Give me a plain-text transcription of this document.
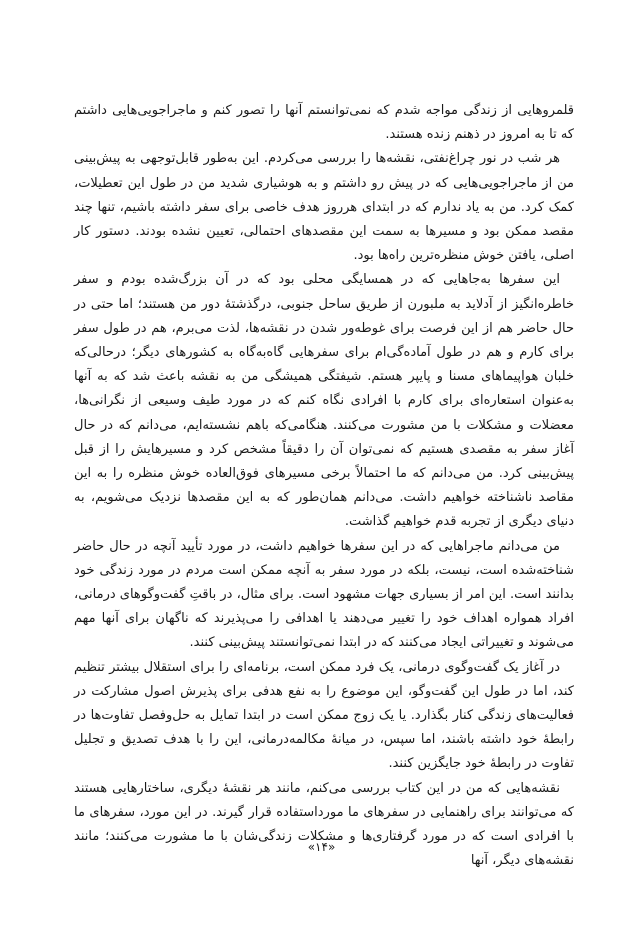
قلمروهایی از زندگی مواجه شدم که نمی‌توانستم آنها را تصور کنم و ماجراجویی‌هایی داشتم که تا به امروز در ذهنم زنده هستند.

هر شب در نور چراغ‌نفتی، نقشه‌ها را بررسی می‌کردم. این به‌طور قابل‌توجهی به پیش‌بینی من از ماجراجویی‌هایی که در پیش رو داشتم و به هوشیاری شدید من در طول این تعطیلات، کمک کرد. من به یاد ندارم که در ابتدای هرروز هدف خاصی برای سفر داشته باشیم، تنها چند مقصد ممکن بود و مسیرها به سمت این مقصدهای احتمالی، تعیین نشده بودند. دستور کار اصلی، یافتن خوش منظره‌ترین راه‌ها بود.

این سفرها به‌جاهایی که در همسایگی محلی بود که در آن بزرگ‌شده بودم و سفر خاطره‌انگیز از آدلاید به ملبورن از طریق ساحل جنوبی، درگذشتهٔ دور من هستند؛ اما حتی در حال حاضر هم از این فرصت برای غوطه‌ور شدن در نقشه‌ها، لذت می‌برم، هم در طول سفر برای کارم و هم در طول آماده‌گی‌ام برای سفرهایی گاه‌به‌گاه به کشورهای دیگر؛ درحالی‌که خلبان هواپیماهای مسنا و پایپر هستم. شیفتگی همیشگی من به نقشه باعث شد که به آنها به‌عنوان استعاره‌ای برای کارم با افرادی نگاه کنم که در مورد طیف وسیعی از نگرانی‌ها، معضلات و مشکلات با من مشورت می‌کنند. هنگامی‌که باهم نشسته‌ایم، می‌دانم که در حال آغاز سفر به مقصدی هستیم که نمی‌توان آن را دقیقاً مشخص کرد و مسیرهایش را از قبل پیش‌بینی کرد. من می‌دانم که ما احتمالاً برخی مسیرهای فوق‌العاده خوش منظره را به این مقاصد ناشناخته خواهیم داشت. می‌دانم همان‌طور که به این مقصدها نزدیک می‌شویم، به دنیای دیگری از تجربه قدم خواهیم گذاشت.

من می‌دانم ماجراهایی که در این سفرها خواهیم داشت، در مورد تأیید آنچه در حال حاضر شناخته‌شده است، نیست، بلکه در مورد سفر به آنچه ممکن است مردم در مورد زندگی خود بدانند است. این امر از بسیاری جهات مشهود است. برای مثال، در باقتِ گفت‌وگوهای درمانی، افراد همواره اهداف خود را تغییر می‌دهند یا اهدافی را می‌پذیرند که ناگهان برای آنها مهم می‌شوند و تغییراتی ایجاد می‌کنند که در ابتدا نمی‌توانستند پیش‌بینی کنند.

در آغاز یک گفت‌وگوی درمانی، یک فرد ممکن است، برنامه‌ای را برای استقلال بیشتر تنظیم کند، اما در طول این گفت‌وگو، این موضوع را به نفع هدفی برای پذیرش اصول مشارکت در فعالیت‌های زندگی کنار بگذارد. یا یک زوج ممکن است در ابتدا تمایل به حل‌وفصل تفاوت‌ها در رابطهٔ خود داشته باشند، اما سپس، در میانهٔ مکالمه‌درمانی، این را با هدف تصدیق و تجلیل تفاوت در رابطهٔ خود جایگزین کنند.

نقشه‌هایی که من در این کتاب بررسی می‌کنم، مانند هر نقشهٔ دیگری، ساختارهایی هستند که می‌توانند برای راهنمایی در سفرهای ما مورداستفاده قرار گیرند. در این مورد، سفرهای ما با افرادی است که در مورد گرفتاری‌ها و مشکلات زندگی‌شان با ما مشورت می‌کنند؛ مانند نقشه‌های دیگر، آنها

«۱۴»
